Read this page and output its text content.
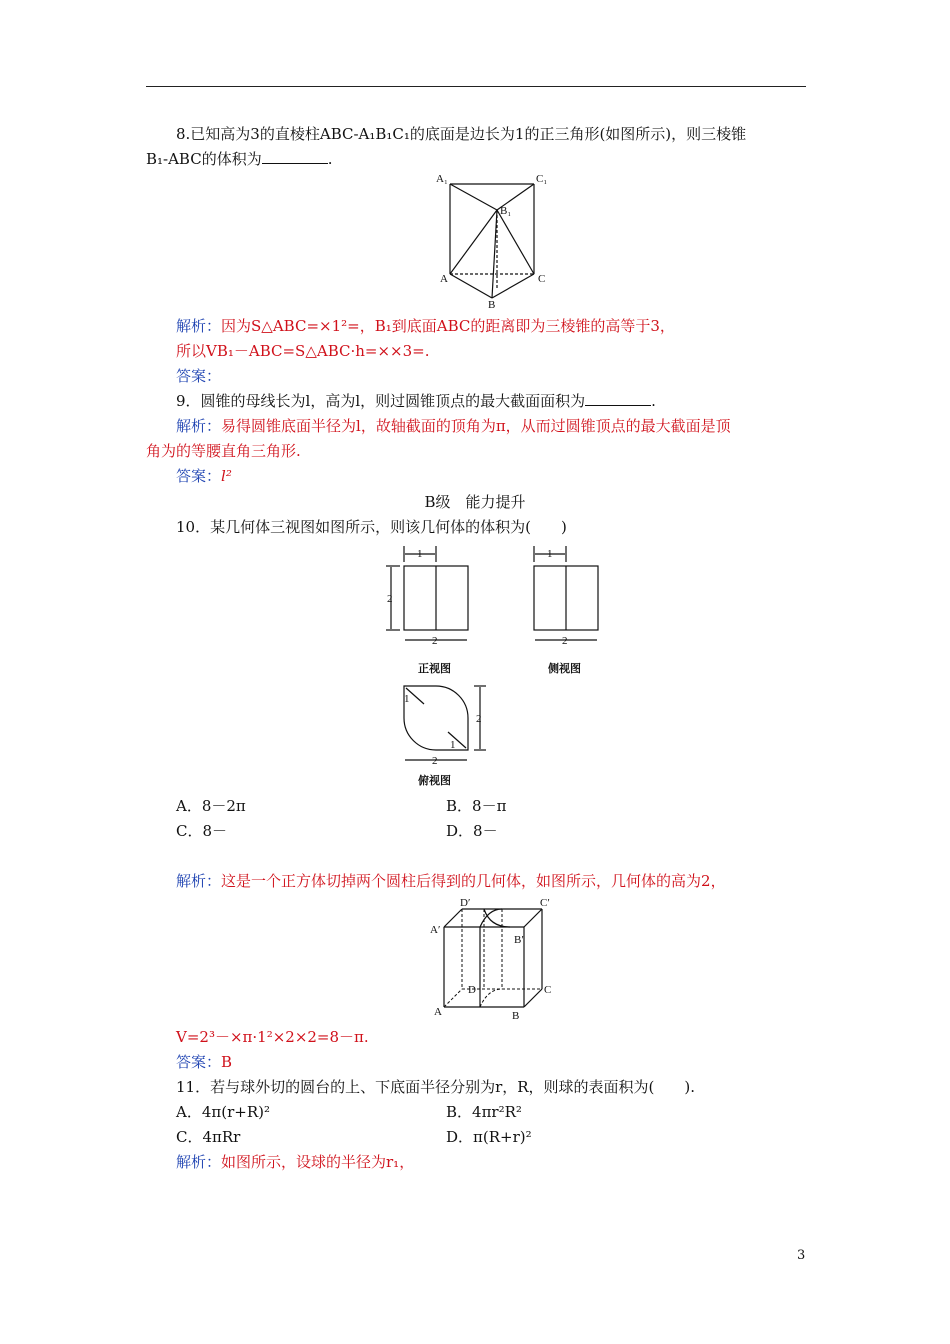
8.已知高为3的直棱柱ABC-A₁B₁C₁的底面是边长为1的正三角形(如图所示)，则三棱锥
B₁-ABC的体积为	.
A₁	C₁
B₁
A	C
B
解析：因为S△ABC=×1²=，B₁到底面ABC的距离即为三棱锥的高等于3，
所以VB₁－ABC=S△ABC·h=××3=.
答案：
9．圆锥的母线长为l，高为l，则过圆锥顶点的最大截面面积为	.
解析：易得圆锥底面半径为l，故轴截面的顶角为π，从而过圆锥顶点的最大截面是顶
角为的等腰直角三角形.
答案：l²
B级　能力提升
10．某几何体三视图如图所示，则该几何体的体积为(　　)
1
2
2
1
2
1
1
2
2
正视图	侧视图
俯视图
A．8－2π	B．8－π
C．8－	D．8－
解析：这是一个正方体切掉两个圆柱后得到的几何体，如图所示，几何体的高为2，
D′	C′
A′
B′
A	B
C
D
V=2³－×π·1²×2×2=8－π.
答案：B
11．若与球外切的圆台的上、下底面半径分别为r，R，则球的表面积为(　　).
A．4π(r+R)²	B．4πr²R²
C．4πRr	D．π(R+r)²
解析：如图所示，设球的半径为r₁，
3
